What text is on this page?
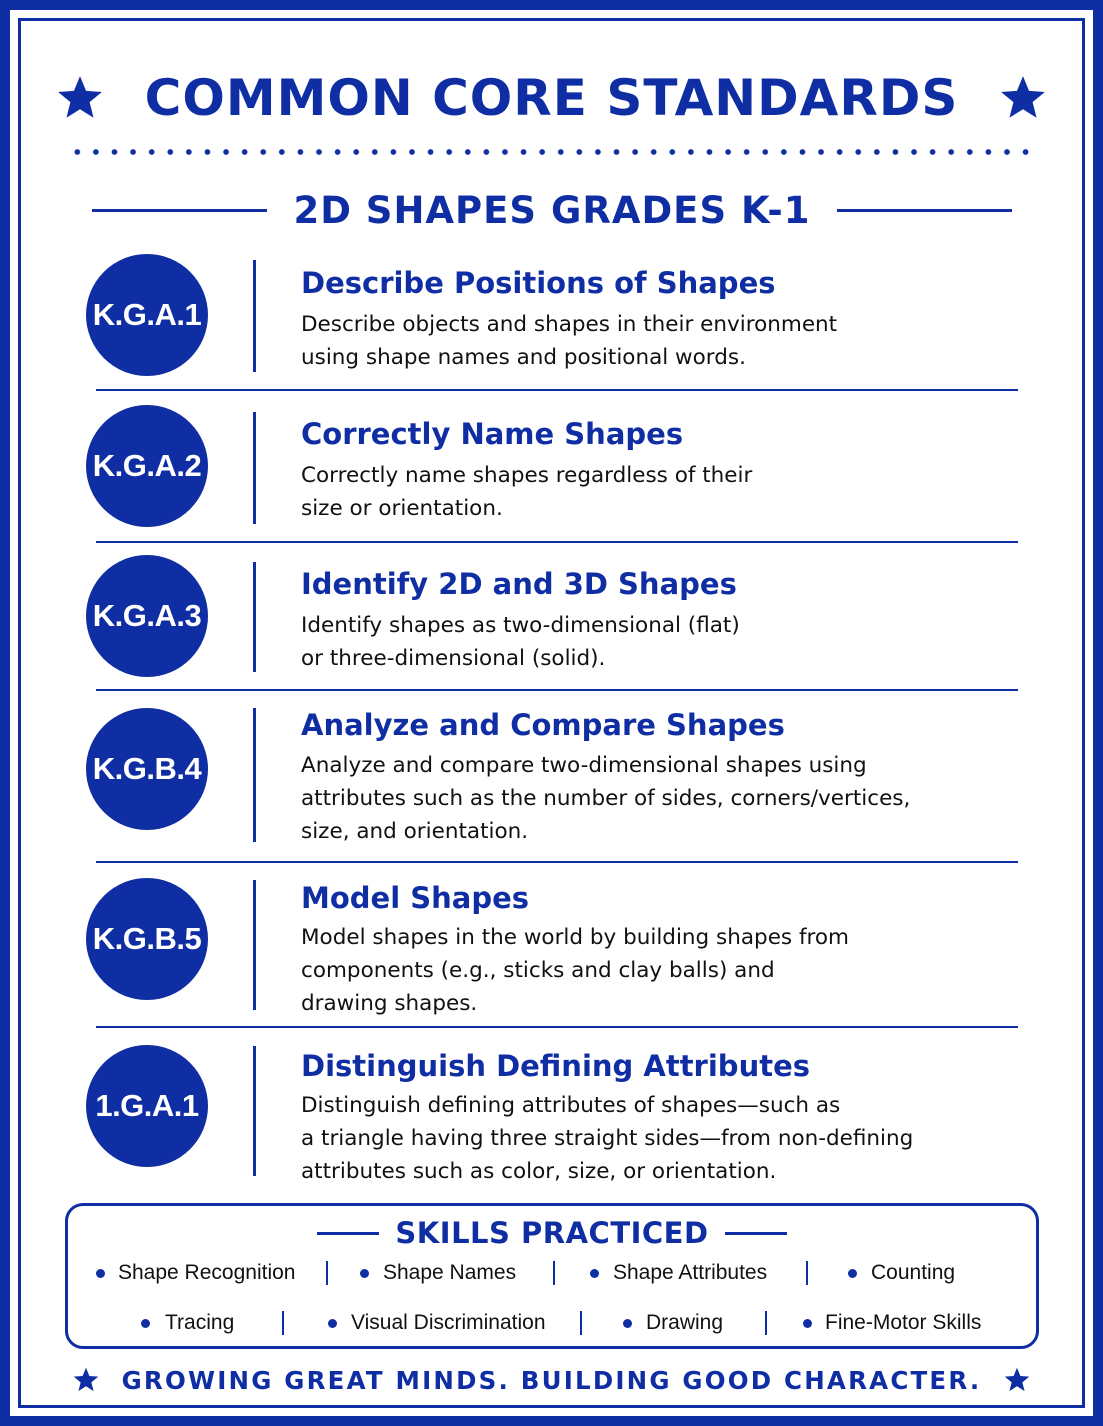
COMMON CORE STANDARDS
2D SHAPES GRADES K-1
K.G.A.1
Describe Positions of Shapes
Describe objects and shapes in their environment
using shape names and positional words.
K.G.A.2
Correctly Name Shapes
Correctly name shapes regardless of their
size or orientation.
K.G.A.3
Identify 2D and 3D Shapes
Identify shapes as two-dimensional (flat)
or three-dimensional (solid).
K.G.B.4
Analyze and Compare Shapes
Analyze and compare two-dimensional shapes using
attributes such as the number of sides, corners/vertices,
size, and orientation.
K.G.B.5
Model Shapes
Model shapes in the world by building shapes from
components (e.g., sticks and clay balls) and
drawing shapes.
1.G.A.1
Distinguish Defining Attributes
Distinguish defining attributes of shapes—such as
a triangle having three straight sides—from non-defining
attributes such as color, size, or orientation.
SKILLS PRACTICED
Shape Recognition	Shape Names	Shape Attributes	Counting
Tracing	Visual Discrimination	Drawing	Fine-Motor Skills
GROWING GREAT MINDS. BUILDING GOOD CHARACTER.
